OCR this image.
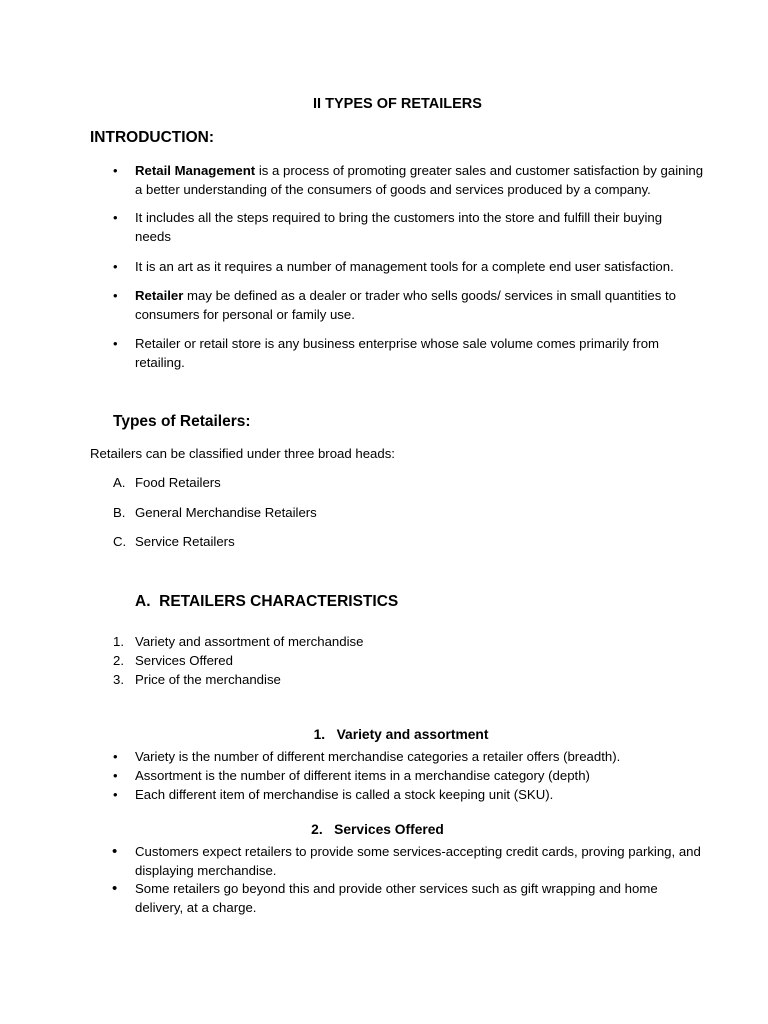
II TYPES OF RETAILERS
INTRODUCTION:
• Retail Management is a process of promoting greater sales and customer satisfaction by gaining
a better understanding of the consumers of goods and services produced by a company.
• It includes all the steps required to bring the customers into the store and fulfill their buying
needs
• It is an art as it requires a number of management tools for a complete end user satisfaction.
• Retailer may be defined as a dealer or trader who sells goods/ services in small quantities to
consumers for personal or family use.
• Retailer or retail store is any business enterprise whose sale volume comes primarily from
retailing.
Types of Retailers:
Retailers can be classified under three broad heads:
A. Food Retailers
B. General Merchandise Retailers
C. Service Retailers
A. RETAILERS CHARACTERISTICS
1. Variety and assortment of merchandise
2. Services Offered
3. Price of the merchandise
1. Variety and assortment
• Variety is the number of different merchandise categories a retailer offers (breadth).
• Assortment is the number of different items in a merchandise category (depth)
• Each different item of merchandise is called a stock keeping unit (SKU).
2. Services Offered
• Customers expect retailers to provide some services-accepting credit cards, proving parking, and
displaying merchandise.
• Some retailers go beyond this and provide other services such as gift wrapping and home
delivery, at a charge.
